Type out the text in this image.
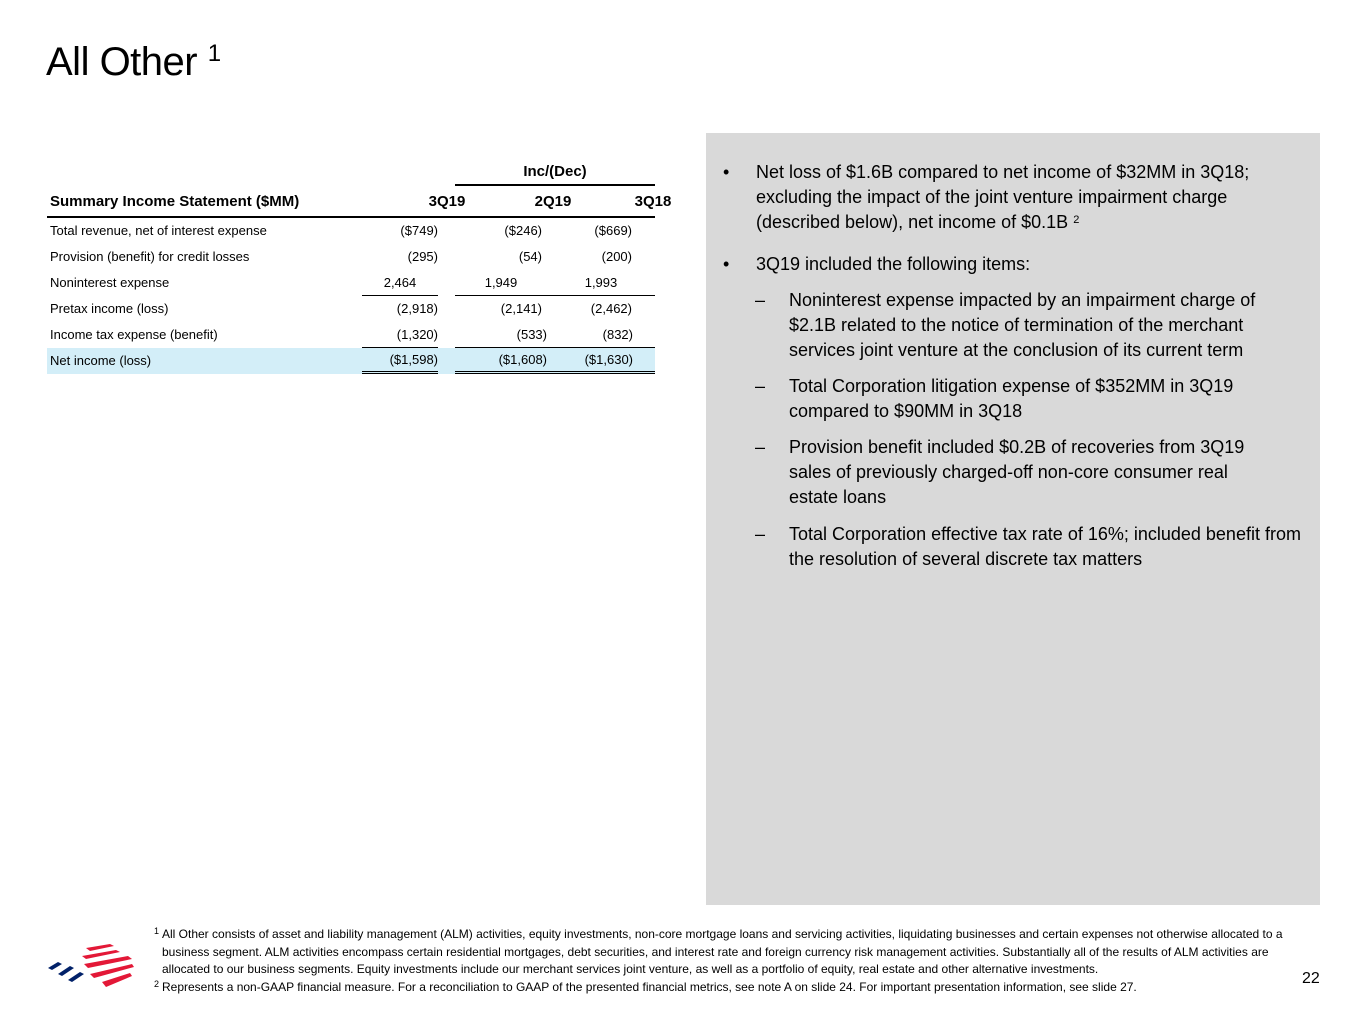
All Other $^1$
Inc/(Dec)
Summary Income Statement ($MM)	3Q19	2Q19	3Q18
Total revenue, net of interest expense	($749)	($246)	($669)
Provision (benefit) for credit losses	(295)	(54)	(200)
Noninterest expense	2,464	1,949	1,993
Pretax income (loss)	(2,918)	(2,141)	(2,462)
Income tax expense (benefit)	(1,320)	(533)	(832)
Net income (loss)	($1,598)	($1,608)	($1,630)
• Net loss of $1.6B compared to net income of $32MM in 3Q18; excluding the impact of the joint venture impairment charge (described below), net income of $0.1B $^2$
• 3Q19 included the following items:
– Noninterest expense impacted by an impairment charge of $2.1B related to the notice of termination of the merchant services joint venture at the conclusion of its current term
– Total Corporation litigation expense of $352MM in 3Q19 compared to $90MM in 3Q18
– Provision benefit included $0.2B of recoveries from 3Q19 sales of previously charged-off non-core consumer real estate loans
– Total Corporation effective tax rate of 16%; included benefit from the resolution of several discrete tax matters
1 All Other consists of asset and liability management (ALM) activities, equity investments, non-core mortgage loans and servicing activities, liquidating businesses and certain expenses not otherwise allocated to a business segment. ALM activities encompass certain residential mortgages, debt securities, and interest rate and foreign currency risk management activities. Substantially all of the results of ALM activities are allocated to our business segments. Equity investments include our merchant services joint venture, as well as a portfolio of equity, real estate and other alternative investments.
2 Represents a non-GAAP financial measure. For a reconciliation to GAAP of the presented financial metrics, see note A on slide 24. For important presentation information, see slide 27.	22
